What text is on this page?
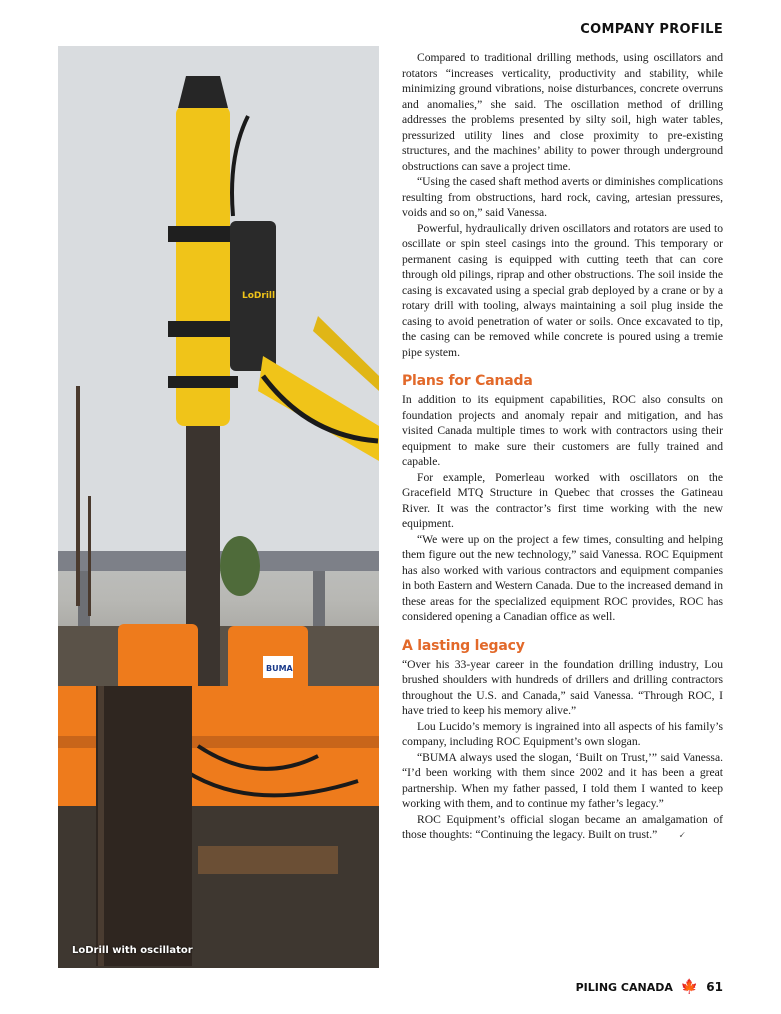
COMPANY PROFILE
LoDrill
BUMA
LoDrill with oscillator

Compared to traditional drilling methods, using oscillators and rotators “increases verticality, productivity and stability, while minimizing ground vibrations, noise disturbances, concrete overruns and anomalies,” she said. The oscillation method of drilling addresses the problems presented by silty soil, high water tables, pressurized utility lines and close proximity to pre-existing structures, and the machines’ ability to power through underground obstructions can save a project time.

“Using the cased shaft method averts or diminishes complications resulting from obstructions, hard rock, caving, artesian pressures, voids and so on,” said Vanessa.

Powerful, hydraulically driven oscillators and rotators are used to oscillate or spin steel casings into the ground. This temporary or permanent casing is equipped with cutting teeth that can core through old pilings, riprap and other obstructions. The soil inside the casing is excavated using a special grab deployed by a crane or by a rotary drill with tooling, always maintaining a soil plug inside the casing to avoid penetration of water or soils. Once excavated to tip, the casing can be removed while concrete is poured using a tremie pipe system.

Plans for Canada

In addition to its equipment capabilities, ROC also consults on foundation projects and anomaly repair and mitigation, and has visited Canada multiple times to work with contractors using their equipment to make sure their customers are fully trained and capable.

For example, Pomerleau worked with oscillators on the Gracefield MTQ Structure in Quebec that crosses the Gatineau River. It was the contractor’s first time working with the new equipment.

“We were up on the project a few times, consulting and helping them figure out the new technology,” said Vanessa. ROC Equipment has also worked with various contractors and equipment companies in both Eastern and Western Canada. Due to the increased demand in these areas for the specialized equipment ROC provides, ROC has considered opening a Canadian office as well.

A lasting legacy

“Over his 33-year career in the foundation drilling industry, Lou brushed shoulders with hundreds of drillers and drilling contractors throughout the U.S. and Canada,” said Vanessa. “Through ROC, I have tried to keep his memory alive.”

Lou Lucido’s memory is ingrained into all aspects of his family’s company, including ROC Equipment’s own slogan.

“BUMA always used the slogan, ‘Built on Trust,’” said Vanessa. “I’d been working with them since 2002 and it has been a great partnership. When my father passed, I told them I wanted to keep working with them, and to continue my father’s legacy.”

ROC Equipment’s official slogan became an amalgamation of those thoughts: “Continuing the legacy. Built on trust.” 🗸

PILING CANADA 🍁 61
